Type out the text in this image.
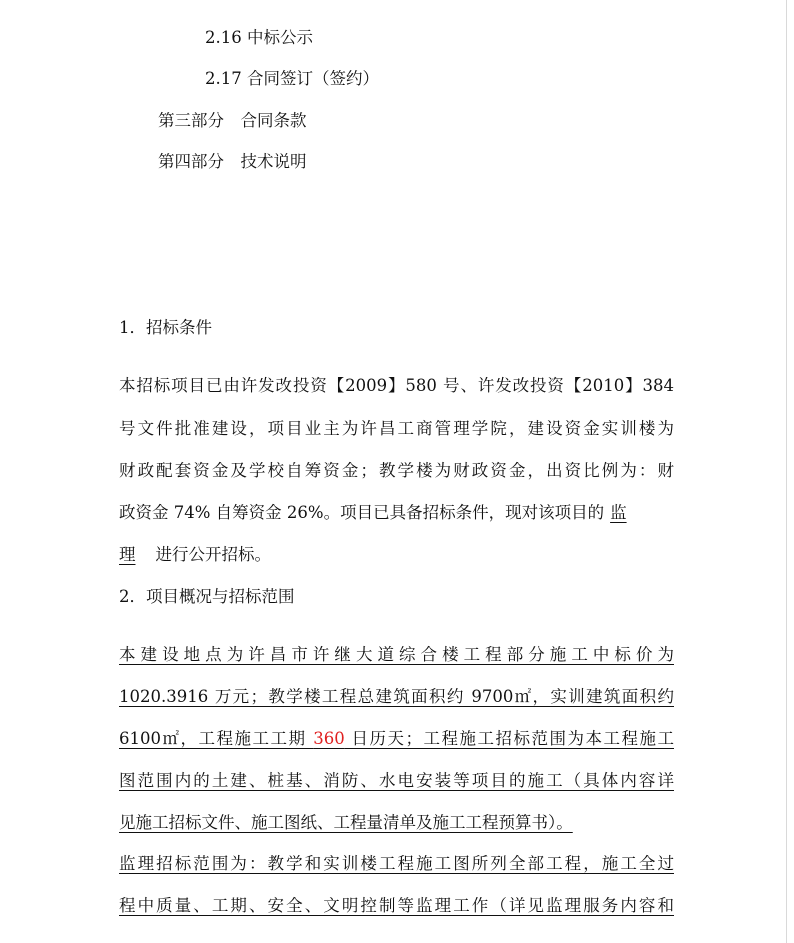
2.16 中标公示
2.17 合同签订（签约）
第三部分　合同条款
第四部分　技术说明
1．招标条件
本招标项目已由许发改投资【2009】580 号、许发改投资【2010】384
号文件批准建设，项目业主为许昌工商管理学院，建设资金实训楼为
财政配套资金及学校自筹资金；教学楼为财政资金，出资比例为：财
政资金 74% 自筹资金 26%。项目已具备招标条件，现对该项目的 监
理 进行公开招标。
2．项目概况与招标范围
本建设地点为许昌市许继大道综合楼工程部分施工中标价为
1020.3916 万元；教学楼工程总建筑面积约 9700㎡，实训建筑面积约
6100㎡，工程施工工期 360 日历天；工程施工招标范围为本工程施工
图范围内的土建、桩基、消防、水电安装等项目的施工（具体内容详
见施工招标文件、施工图纸、工程量清单及施工工程预算书）。
监理招标范围为：教学和实训楼工程施工图所列全部工程，施工全过
程中质量、工期、安全、文明控制等监理工作（详见监理服务内容和
